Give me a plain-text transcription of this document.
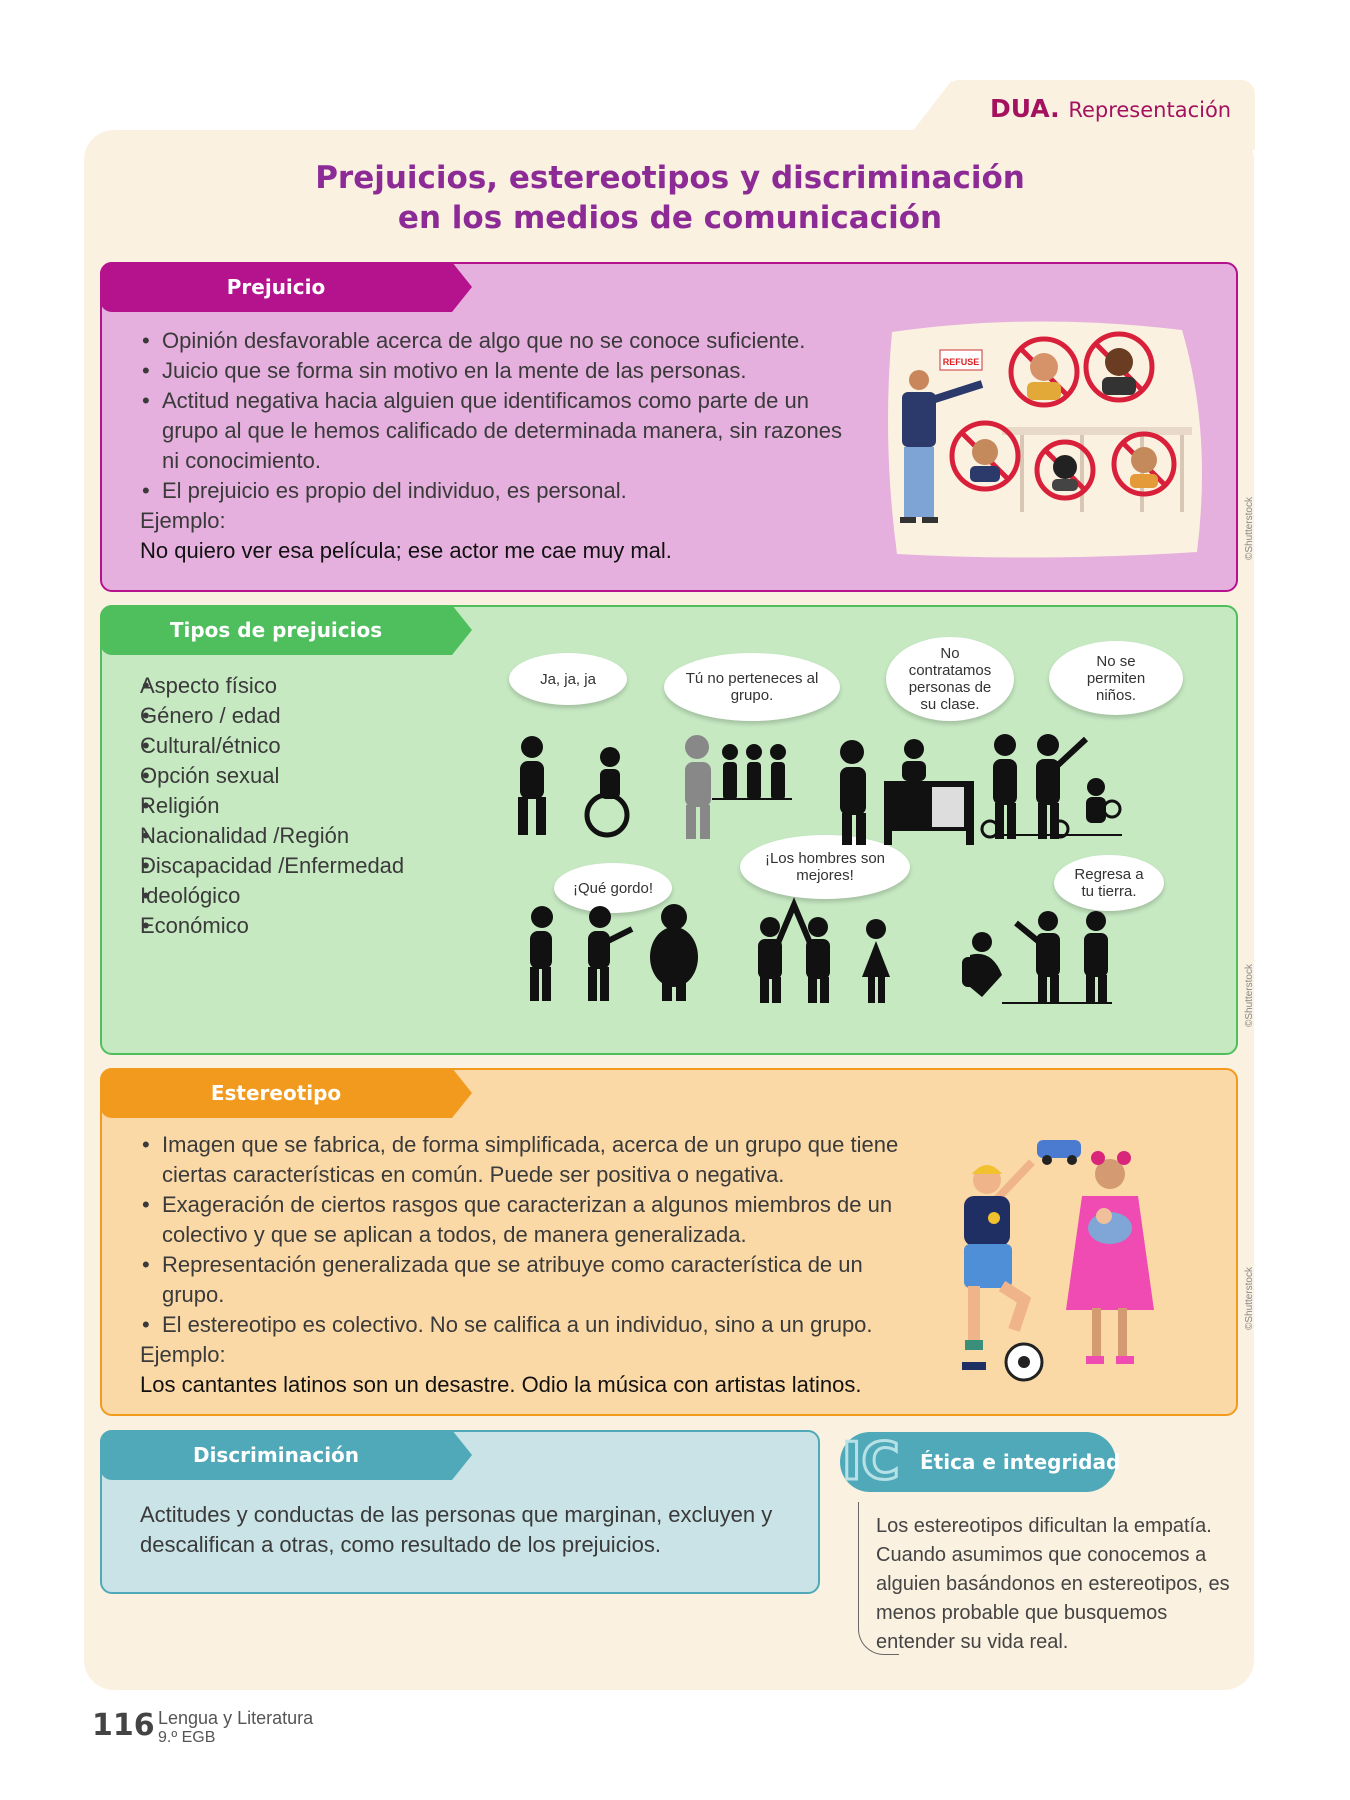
DUA. Representación
Prejuicios, estereotipos y discriminación
en los medios de comunicación
Prejuicio
• Opinión desfavorable acerca de algo que no se conoce suficiente.
• Juicio que se forma sin motivo en la mente de las personas.
• Actitud negativa hacia alguien que identificamos como parte de un grupo al que le hemos calificado de determinada manera, sin razones ni conocimiento.
• El prejuicio es propio del individuo, es personal.
Ejemplo:
No quiero ver esa película; ese actor me cae muy mal.
REFUSE
©Shutterstock
Tipos de prejuicios
• Aspecto físico
• Género / edad
• Cultural/étnico
• Opción sexual
• Religión
• Nacionalidad /Región
• Discapacidad /Enfermedad
• Ideológico
• Económico
Ja, ja, ja	Tú no perteneces al grupo.
No contratamos personas de su clase.
No se permiten niños.
¡Qué gordo!
¡Los hombres son mejores!	Regresa a tu tierra.
©Shutterstock
Estereotipo
• Imagen que se fabrica, de forma simplificada, acerca de un grupo que tiene ciertas características en común. Puede ser positiva o negativa.
• Exageración de ciertos rasgos que caracterizan a algunos miembros de un colectivo y que se aplican a todos, de manera generalizada.
• Representación generalizada que se atribuye como característica de un grupo.
• El estereotipo es colectivo. No se califica a un individuo, sino a un grupo.
Ejemplo:
Los cantantes latinos son un desastre. Odio la música con artistas latinos.
©Shutterstock
Discriminación
Actitudes y conductas de las personas que marginan, excluyen y descalifican a otras, como resultado de los prejuicios.
IC Ética e integridad
Los estereotipos dificultan la empatía. Cuando asumimos que conocemos a alguien basándonos en estereotipos, es menos probable que busquemos entender su vida real.
116 Lengua y Literatura
9.º EGB
